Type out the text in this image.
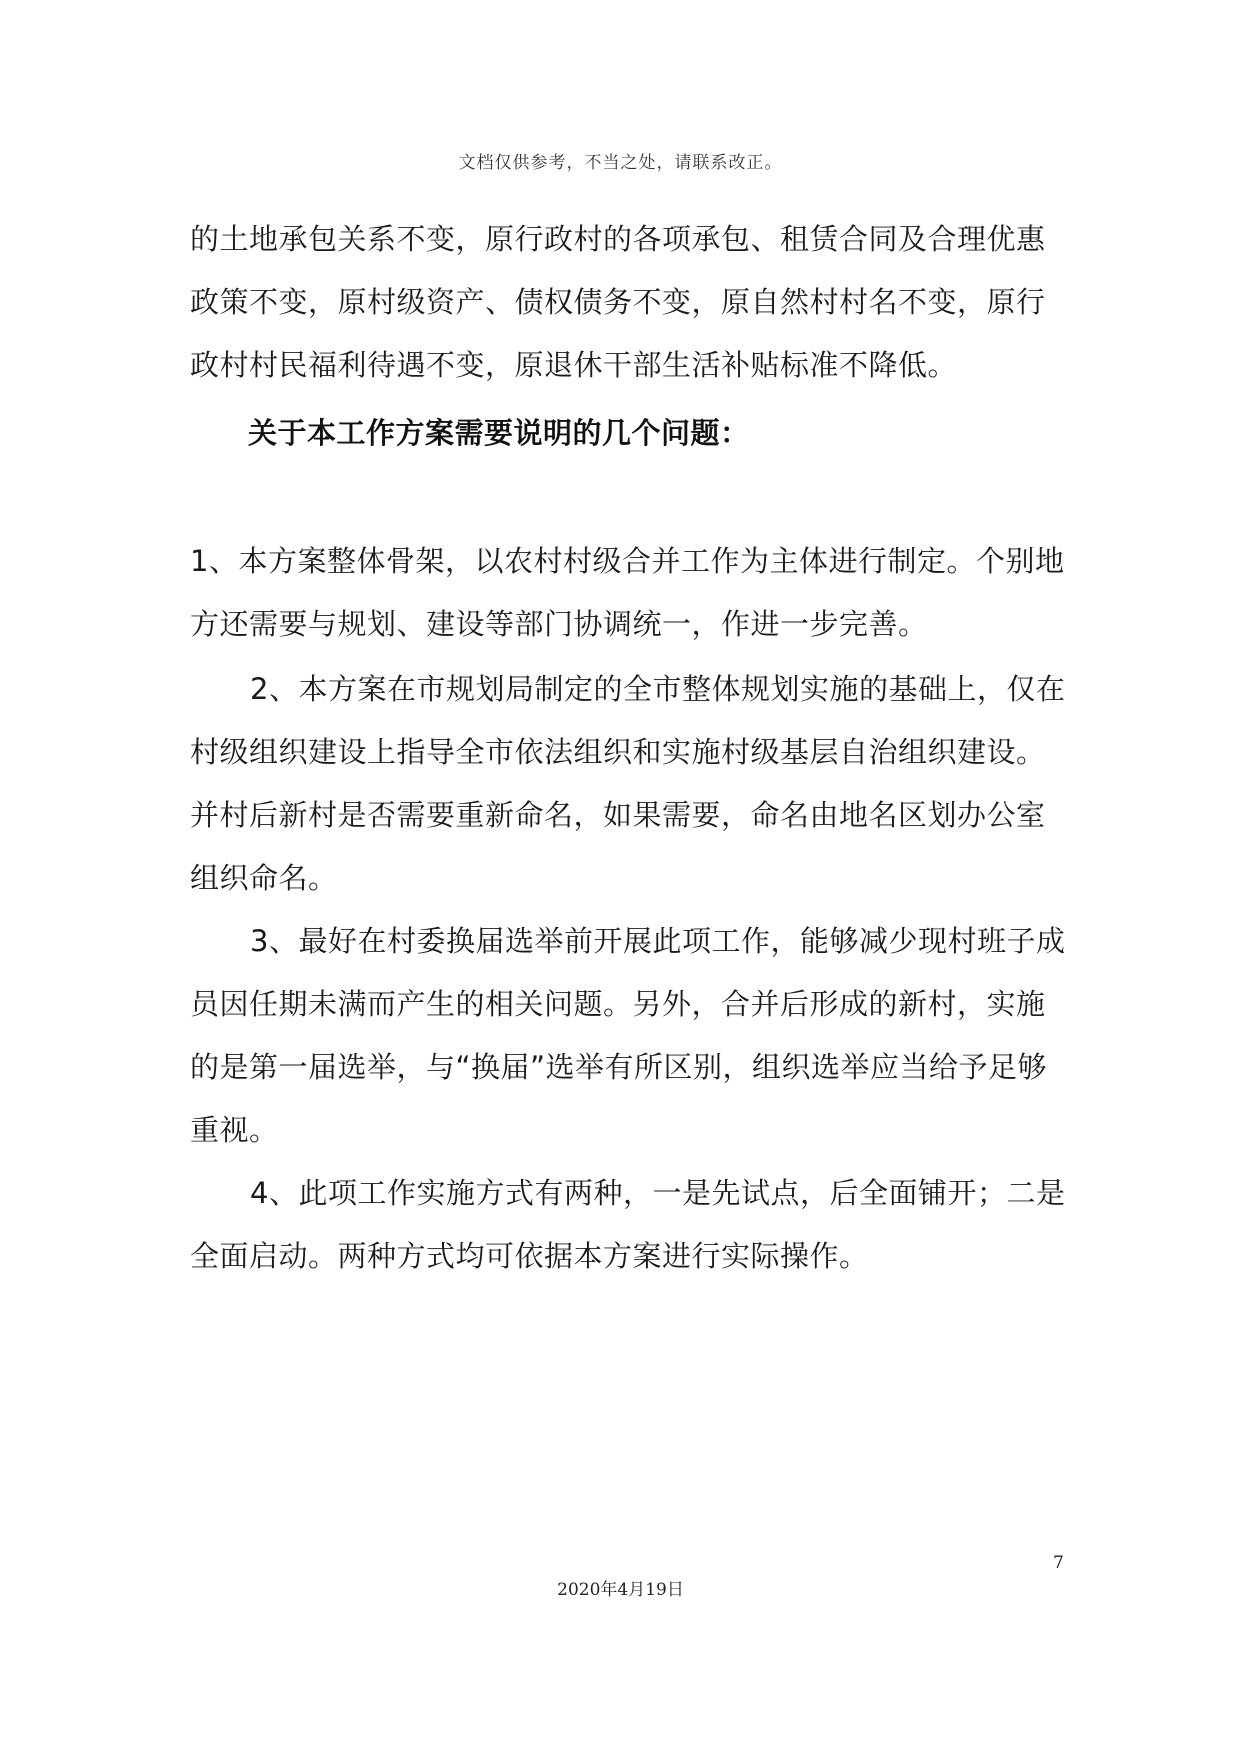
文档仅供参考，不当之处，请联系改正。

的土地承包关系不变，原行政村的各项承包、租赁合同及合理优惠政策不变，原村级资产、债权债务不变，原自然村村名不变，原行政村村民福利待遇不变，原退休干部生活补贴标准不降低。

关于本工作方案需要说明的几个问题：

1、本方案整体骨架，以农村村级合并工作为主体进行制定。个别地方还需要与规划、建设等部门协调统一，作进一步完善。

2、本方案在市规划局制定的全市整体规划实施的基础上，仅在村级组织建设上指导全市依法组织和实施村级基层自治组织建设。并村后新村是否需要重新命名，如果需要，命名由地名区划办公室组织命名。

3、最好在村委换届选举前开展此项工作，能够减少现村班子成员因任期未满而产生的相关问题。另外，合并后形成的新村，实施的是第一届选举，与“换届”选举有所区别，组织选举应当给予足够重视。

4、此项工作实施方式有两种，一是先试点，后全面铺开；二是全面启动。两种方式均可依据本方案进行实际操作。

7
2020年4月19日
